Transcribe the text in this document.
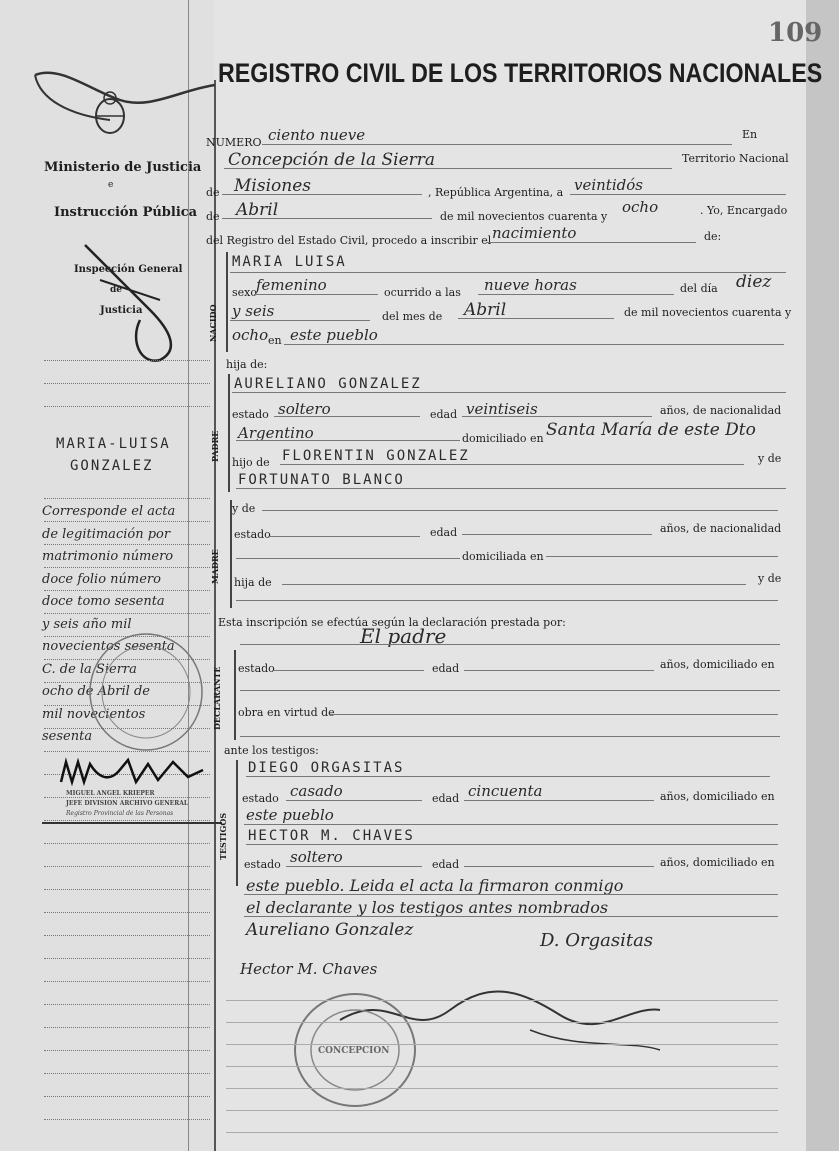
Ministerio de Justicia
e
Instrucción Pública
Inspección General
de
Justicia
MARIA-LUISA
GONZALEZ
Corresponde el acta
de legitimación por
matrimonio número
doce folio número
doce tomo sesenta
y seis año mil
novecientos sesenta
C. de la Sierra
ocho de Abril de
mil novecientos
sesenta
MIGUEL ANGEL KRIEPER
JEFE DIVISION ARCHIVO GENERAL
Registro Provincial de las Personas
109
REGISTRO CIVIL DE LOS TERRITORIOS NACIONALES
NUMERO ciento nueve	En
Concepción de la Sierra	Territorio Nacional
de Misiones	, República Argentina, a veintidós
de Abril	de mil novecientos cuarenta y
ocho	. Yo, Encargado
del Registro del Estado Civil, procedo a inscribir el nacimiento	de:
NACIDO
MARIA LUISA
sexo femenino	ocurrido a las nueve horas	del día diez
y seis	del mes de Abril	de mil novecientos cuarenta y
ocho en este pueblo
hija de:
PADRE
AURELIANO GONZALEZ
estado soltero	edad veintiseis	años, de nacionalidad
Argentino	domiciliado en Santa María de este Dto
hijo de FLORENTIN GONZALEZ	y de
FORTUNATO BLANCO
MADRE
y de
estado	edad	años, de nacionalidad
domiciliada en
hija de	y de
Esta inscripción se efectúa según la declaración prestada por:
El padre
DECLARANTE estado	edad	años, domiciliado en
obra en virtud de
ante los testigos:
TESTIGOS
DIEGO ORGASITAS
estado casado	edad cincuenta	años, domiciliado en
este pueblo
HECTOR M. CHAVES
estado soltero	edad	años, domiciliado en
este pueblo. Leida el acta la firmaron conmigo
el declarante y los testigos antes nombrados
Aureliano Gonzalez	D. Orgasitas
Hector M. Chaves
CONCEPCION
